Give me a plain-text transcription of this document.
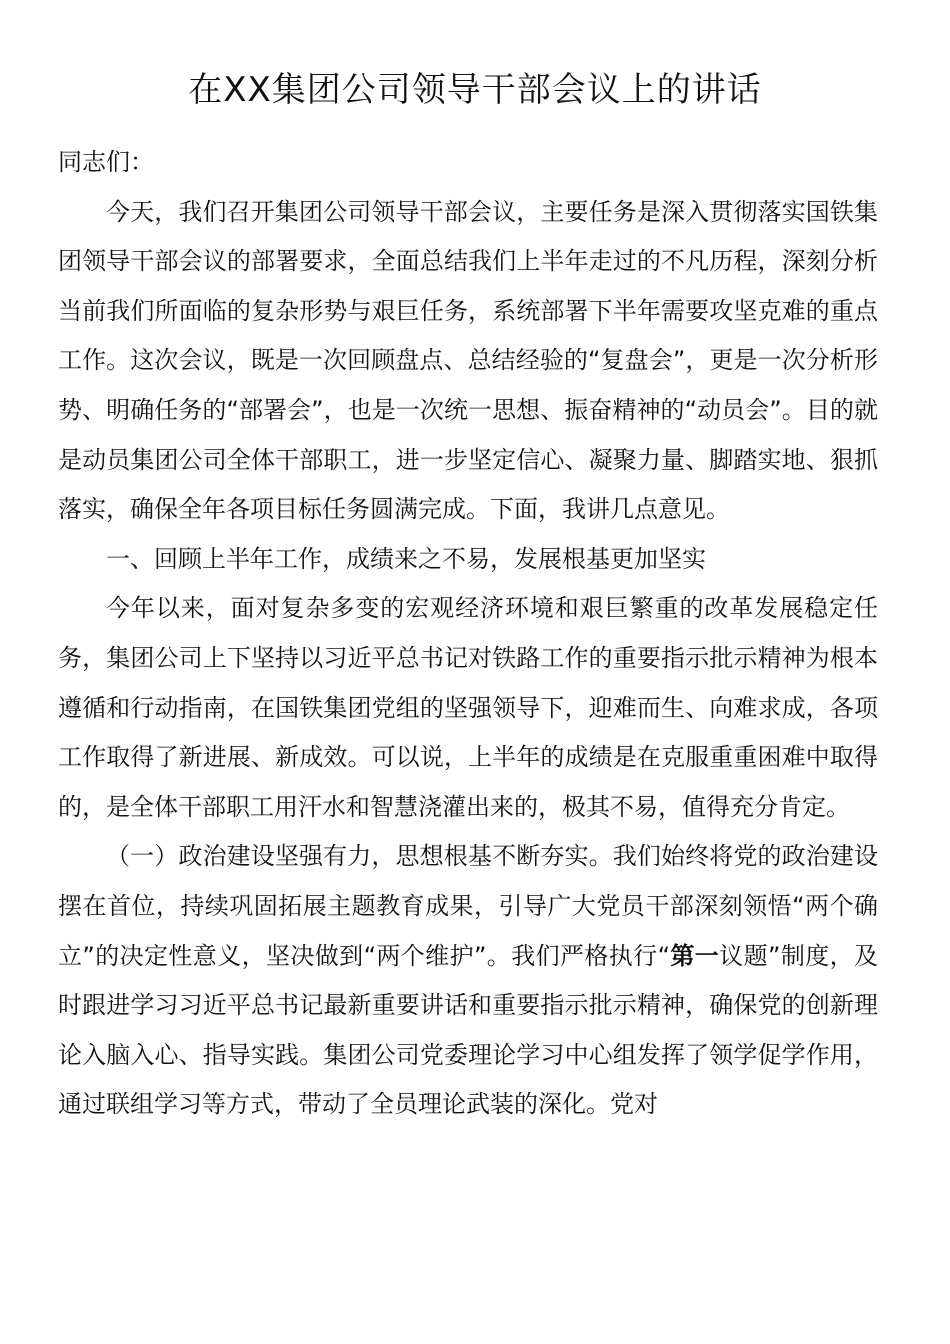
在XX集团公司领导干部会议上的讲话

同志们：

今天，我们召开集团公司领导干部会议，主要任务是深入贯彻落实国铁集团领导干部会议的部署要求，全面总结我们上半年走过的不凡历程，深刻分析当前我们所面临的复杂形势与艰巨任务，系统部署下半年需要攻坚克难的重点工作。这次会议，既是一次回顾盘点、总结经验的“复盘会”，更是一次分析形势、明确任务的“部署会”，也是一次统一思想、振奋精神的“动员会”。目的就是动员集团公司全体干部职工，进一步坚定信心、凝聚力量、脚踏实地、狠抓落实，确保全年各项目标任务圆满完成。下面，我讲几点意见。

一、回顾上半年工作，成绩来之不易，发展根基更加坚实

今年以来，面对复杂多变的宏观经济环境和艰巨繁重的改革发展稳定任务，集团公司上下坚持以习近平总书记对铁路工作的重要指示批示精神为根本遵循和行动指南，在国铁集团党组的坚强领导下，迎难而生、向难求成，各项工作取得了新进展、新成效。可以说，上半年的成绩是在克服重重困难中取得的，是全体干部职工用汗水和智慧浇灌出来的，极其不易，值得充分肯定。

（一）政治建设坚强有力，思想根基不断夯实。我们始终将党的政治建设摆在首位，持续巩固拓展主题教育成果，引导广大党员干部深刻领悟“两个确立”的决定性意义，坚决做到“两个维护”。我们严格执行“第一议题”制度，及时跟进学习习近平总书记最新重要讲话和重要指示批示精神，确保党的创新理论入脑入心、指导实践。集团公司党委理论学习中心组发挥了领学促学作用，通过联组学习等方式，带动了全员理论武装的深化。党对
